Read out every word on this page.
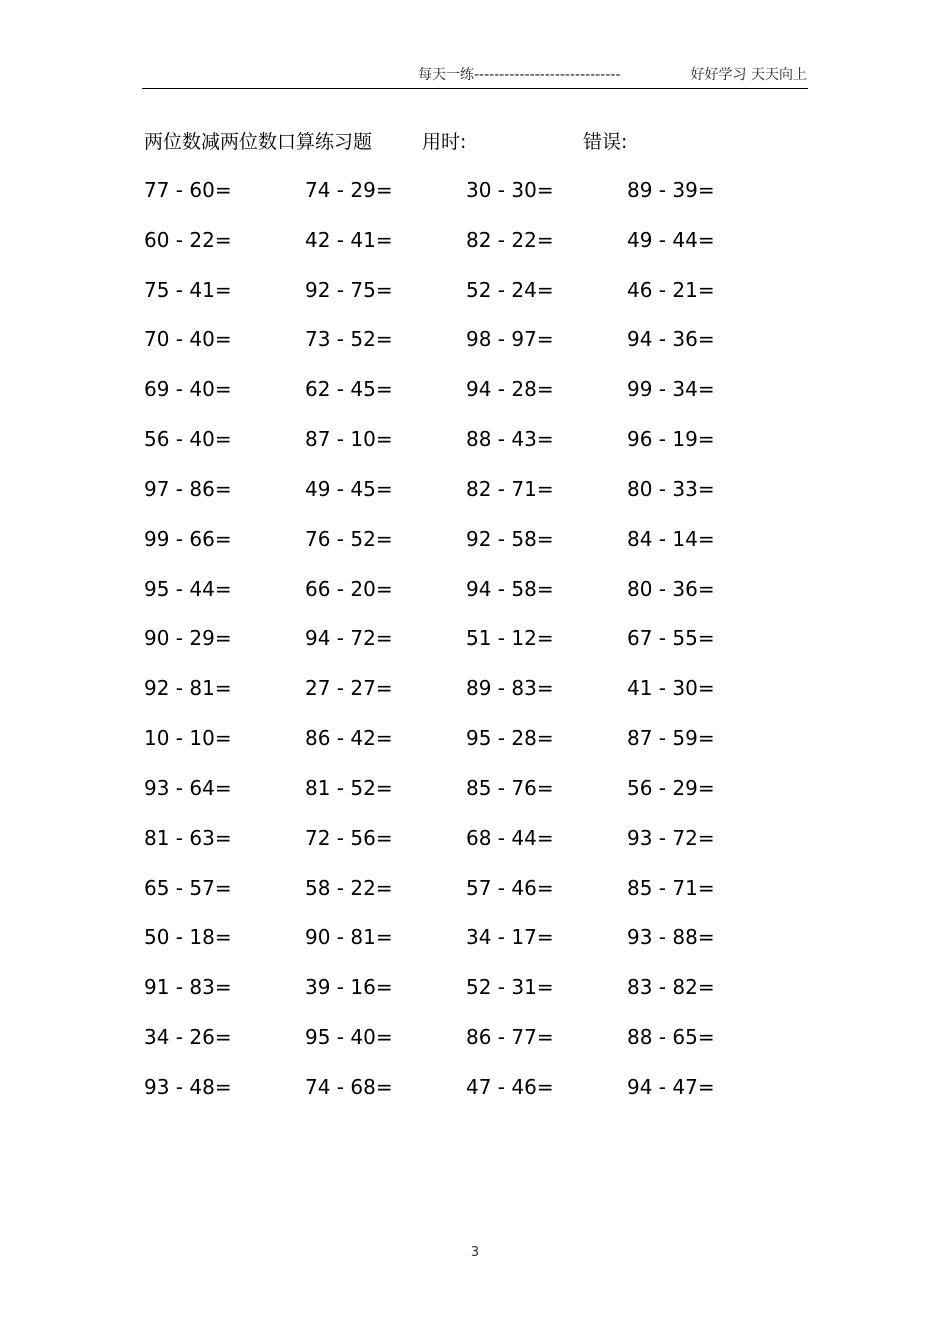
每天一练-----------------------------	好好学习 天天向上
两位数减两位数口算练习题	用时:	错误:
77 - 60=	74 - 29=	30 - 30=	89 - 39=
60 - 22=	42 - 41=	82 - 22=	49 - 44=
75 - 41=	92 - 75=	52 - 24=	46 - 21=
70 - 40=	73 - 52=	98 - 97=	94 - 36=
69 - 40=	62 - 45=	94 - 28=	99 - 34=
56 - 40=	87 - 10=	88 - 43=	96 - 19=
97 - 86=	49 - 45=	82 - 71=	80 - 33=
99 - 66=	76 - 52=	92 - 58=	84 - 14=
95 - 44=	66 - 20=	94 - 58=	80 - 36=
90 - 29=	94 - 72=	51 - 12=	67 - 55=
92 - 81=	27 - 27=	89 - 83=	41 - 30=
10 - 10=	86 - 42=	95 - 28=	87 - 59=
93 - 64=	81 - 52=	85 - 76=	56 - 29=
81 - 63=	72 - 56=	68 - 44=	93 - 72=
65 - 57=	58 - 22=	57 - 46=	85 - 71=
50 - 18=	90 - 81=	34 - 17=	93 - 88=
91 - 83=	39 - 16=	52 - 31=	83 - 82=
34 - 26=	95 - 40=	86 - 77=	88 - 65=
93 - 48=	74 - 68=	47 - 46=	94 - 47=
3
